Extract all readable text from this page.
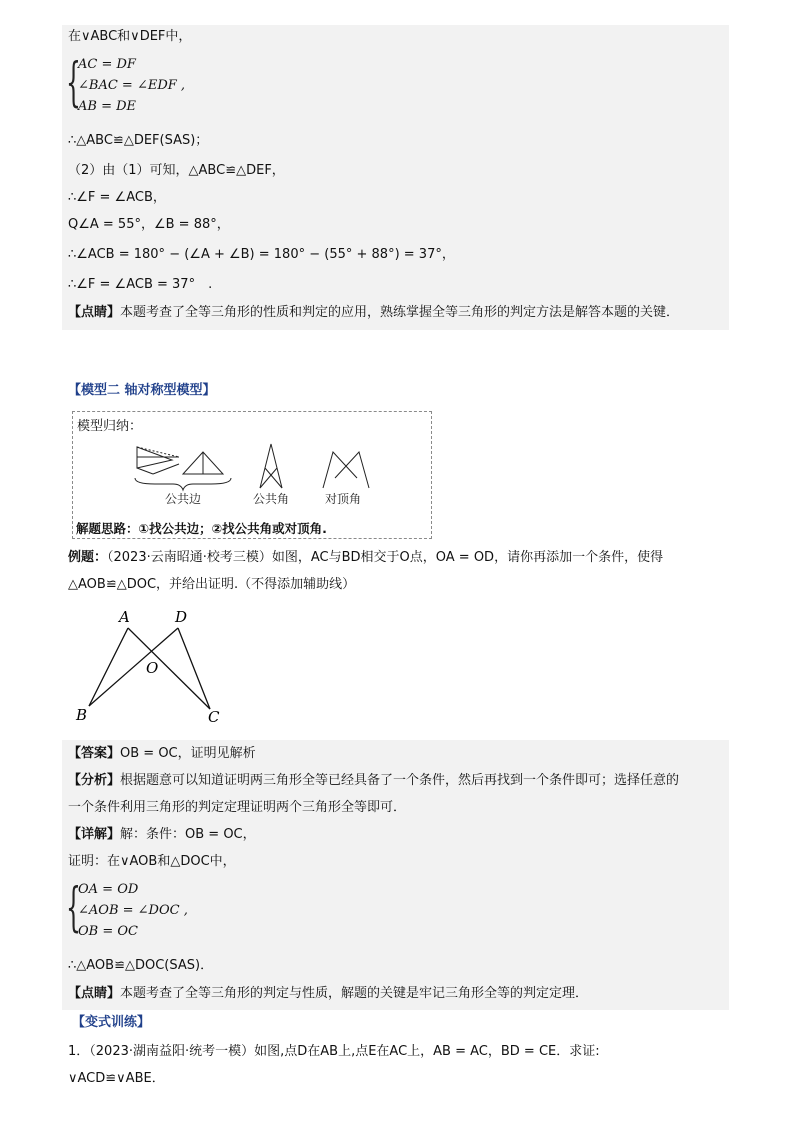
在∨ABC和∨DEF中，
{
AC = DF
∠BAC = ∠EDF ,
AB = DE
∴△ABC≌△DEF(SAS)；
（2）由（1）可知，△ABC≌△DEF，
∴∠F = ∠ACB，
Q∠A = 55°，∠B = 88°，
∴∠ACB = 180° − (∠A + ∠B) = 180° − (55° + 88°) = 37°，
∴∠F = ∠ACB = 37°　.
【点睛】本题考查了全等三角形的性质和判定的应用，熟练掌握全等三角形的判定方法是解答本题的关键．
【模型二 轴对称型模型】
模型归纳：
公共边	公共角	对顶角
解题思路：①找公共边；②找公共角或对顶角.
例题：（2023·云南昭通·校考三模）如图，AC与BD相交于O点，OA = OD，请你再添加一个条件，使得
△AOB≌△DOC，并给出证明.（不得添加辅助线）
A	D
O
B	C
【答案】OB = OC，证明见解析
【分析】根据题意可以知道证明两三角形全等已经具备了一个条件，然后再找到一个条件即可；选择任意的
一个条件利用三角形的判定定理证明两个三角形全等即可．
【详解】解：条件：OB = OC，
证明：在∨AOB和△DOC中，
{
OA = OD
∠AOB = ∠DOC ,
OB = OC
∴△AOB≌△DOC(SAS)．
【点睛】本题考查了全等三角形的判定与性质，解题的关键是牢记三角形全等的判定定理．
【变式训练】
1．（2023·湖南益阳·统考一模）如图,点D在AB上,点E在AC上，AB = AC，BD = CE．求证:
∨ACD≌∨ABE．
